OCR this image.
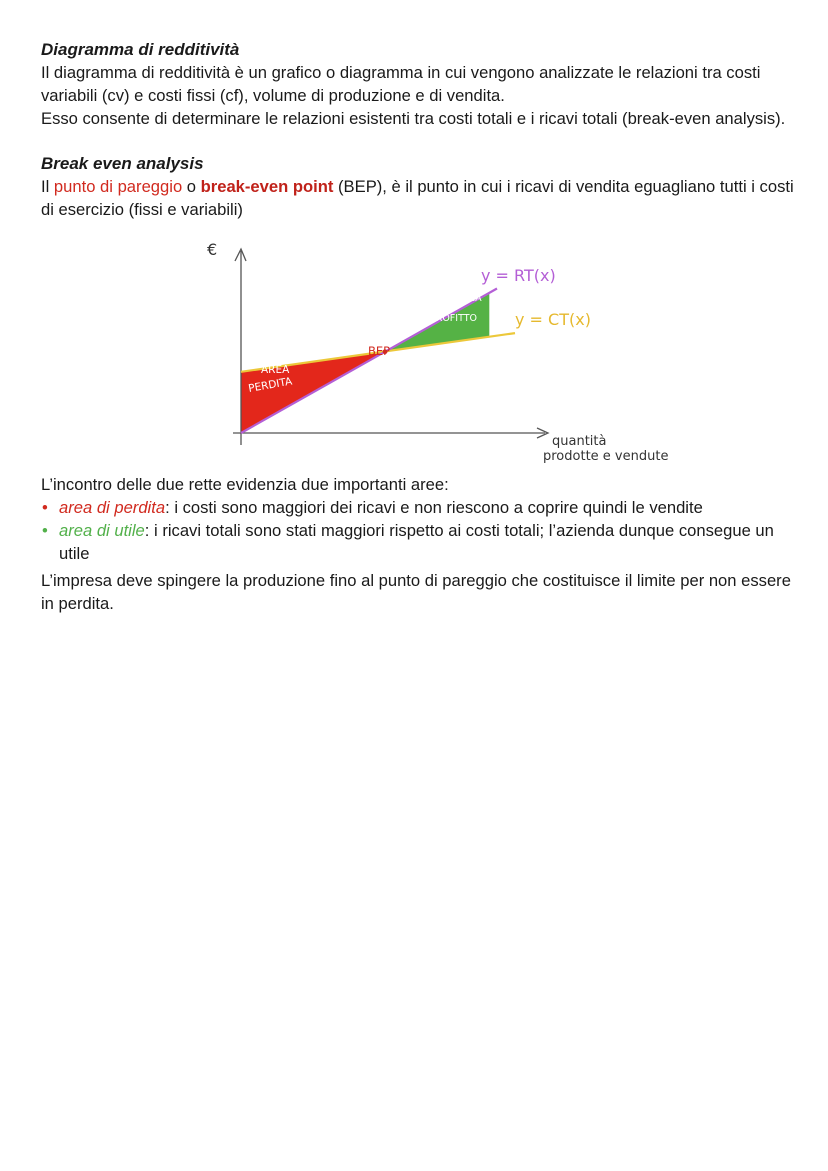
Diagramma di redditività

Il diagramma di redditività è un grafico o diagramma in cui vengono analizzate le relazioni tra costi variabili (cv) e costi fissi (cf), volume di produzione e di vendita.

Esso consente di determinare le relazioni esistenti tra costi totali e i ricavi totali (break-even analysis).

Break even analysis

Il punto di pareggio o break-even point (BEP), è il punto in cui i ricavi di vendita eguagliano tutti i costi di esercizio (fissi e variabili)

€
quantità
prodotte e vendute
y = RT(x)
y = CT(x)
BEP
AREA
PERDITA
AREA
PROFITTO

L’incontro delle due rette evidenzia due importanti aree:

• area di perdita: i costi sono maggiori dei ricavi e non riescono a coprire quindi le vendite
• area di utile: i ricavi totali sono stati maggiori rispetto ai costi totali; l’azienda dunque consegue un utile

L’impresa deve spingere la produzione fino al punto di pareggio che costituisce il limite per non essere in perdita.
